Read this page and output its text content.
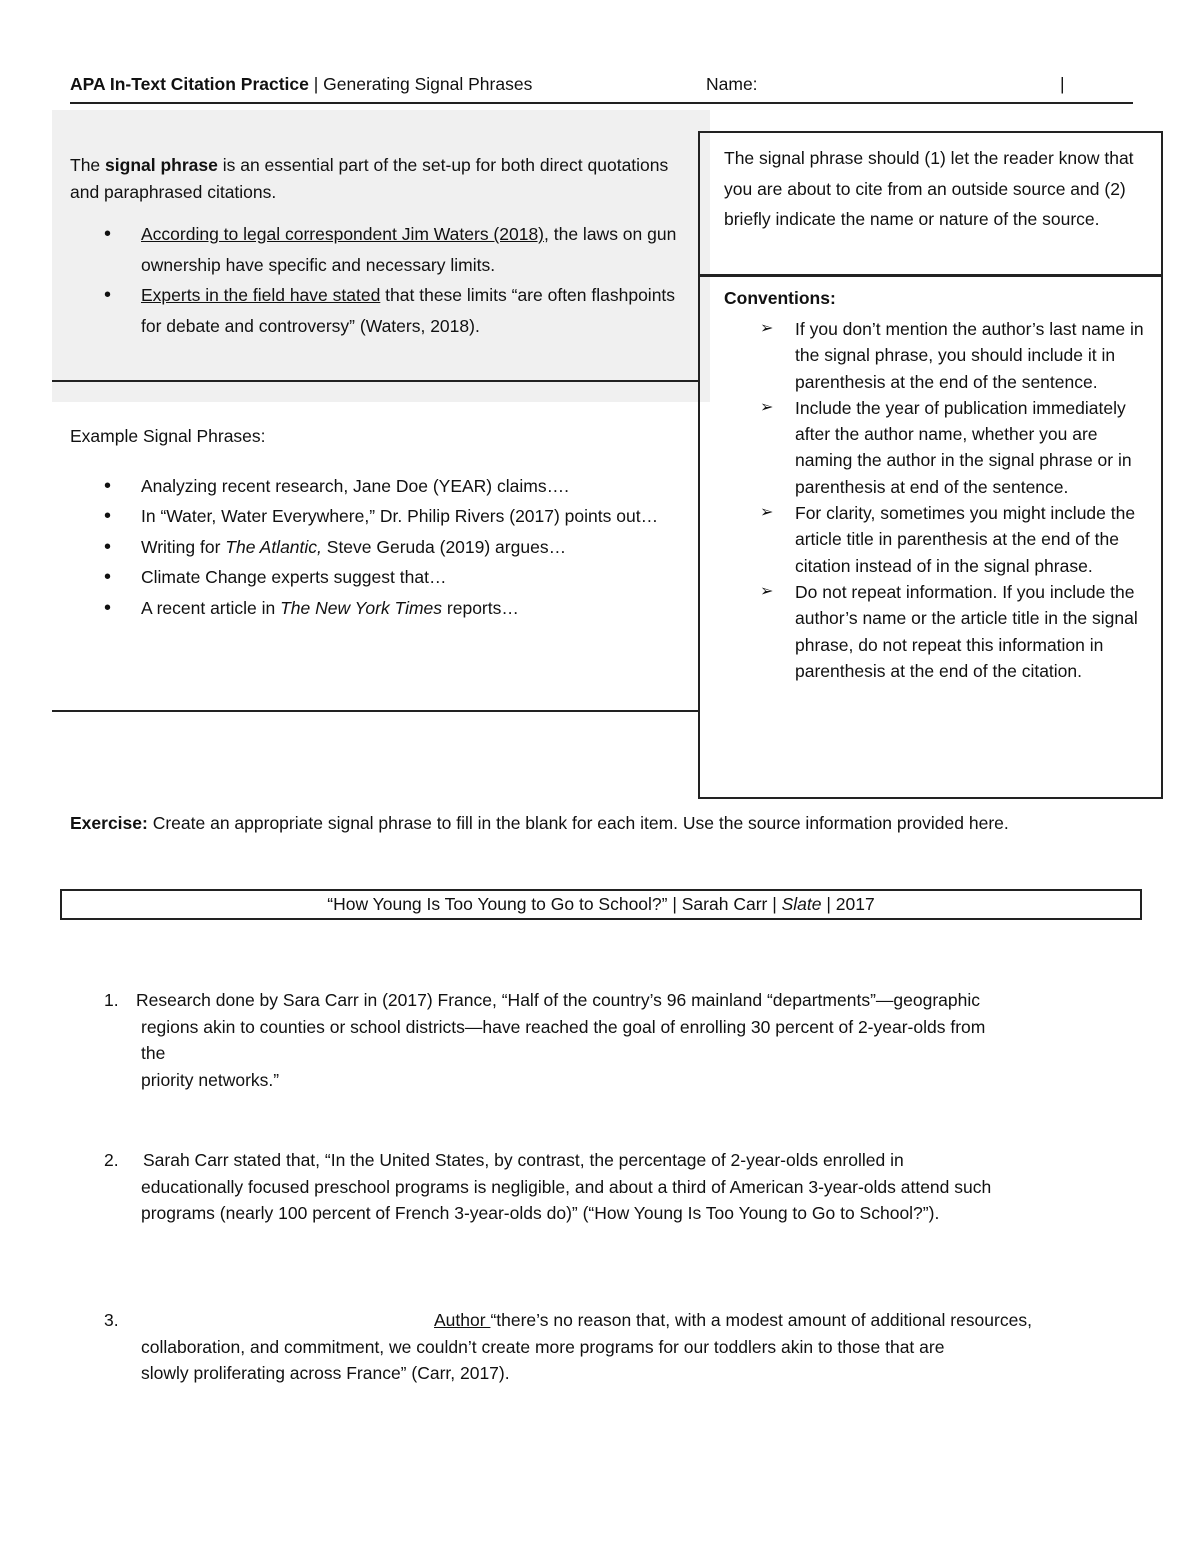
APA In-Text Citation Practice | Generating Signal Phrases	Name:	|
The signal phrase is an essential part of the set-up for both direct quotations and paraphrased citations.
• According to legal correspondent Jim Waters (2018), the laws on gun ownership have specific and necessary limits.
• Experts in the field have stated that these limits “are often flashpoints for debate and controversy” (Waters, 2018).
Example Signal Phrases:
• Analyzing recent research, Jane Doe (YEAR) claims….
• In “Water, Water Everywhere,” Dr. Philip Rivers (2017) points out…
• Writing for The Atlantic, Steve Geruda (2019) argues…
• Climate Change experts suggest that…
• A recent article in The New York Times reports…

The signal phrase should (1) let the reader know that you are about to cite from an outside source and (2) briefly indicate the name or nature of the source.

Conventions:
➢ If you don’t mention the author’s last name in the signal phrase, you should include it in parenthesis at the end of the sentence.
➢ Include the year of publication immediately after the author name, whether you are naming the author in the signal phrase or in parenthesis at end of the sentence.
➢ For clarity, sometimes you might include the article title in parenthesis at the end of the citation instead of in the signal phrase.
➢ Do not repeat information. If you include the author’s name or the article title in the signal phrase, do not repeat this information in parenthesis at the end of the citation.
Exercise: Create an appropriate signal phrase to fill in the blank for each item. Use the source information provided here.
“How Young Is Too Young to Go to School?” | Sarah Carr | Slate | 2017
1. Research done by Sara Carr in (2017) France, “Half of the country’s 96 mainland “departments”—geographic
regions akin to counties or school districts—have reached the goal of enrolling 30 percent of 2-year-olds from
the
priority networks.”
2.	Sarah Carr stated that, “In the United States, by contrast, the percentage of 2-year-olds enrolled in
educationally focused preschool programs is negligible, and about a third of American 3-year-olds attend such
programs (nearly 100 percent of French 3-year-olds do)” (“How Young Is Too Young to Go to School?”).
3.	Author “there’s no reason that, with a modest amount of additional resources,
collaboration, and commitment, we couldn’t create more programs for our toddlers akin to those that are
slowly proliferating across France” (Carr, 2017).
